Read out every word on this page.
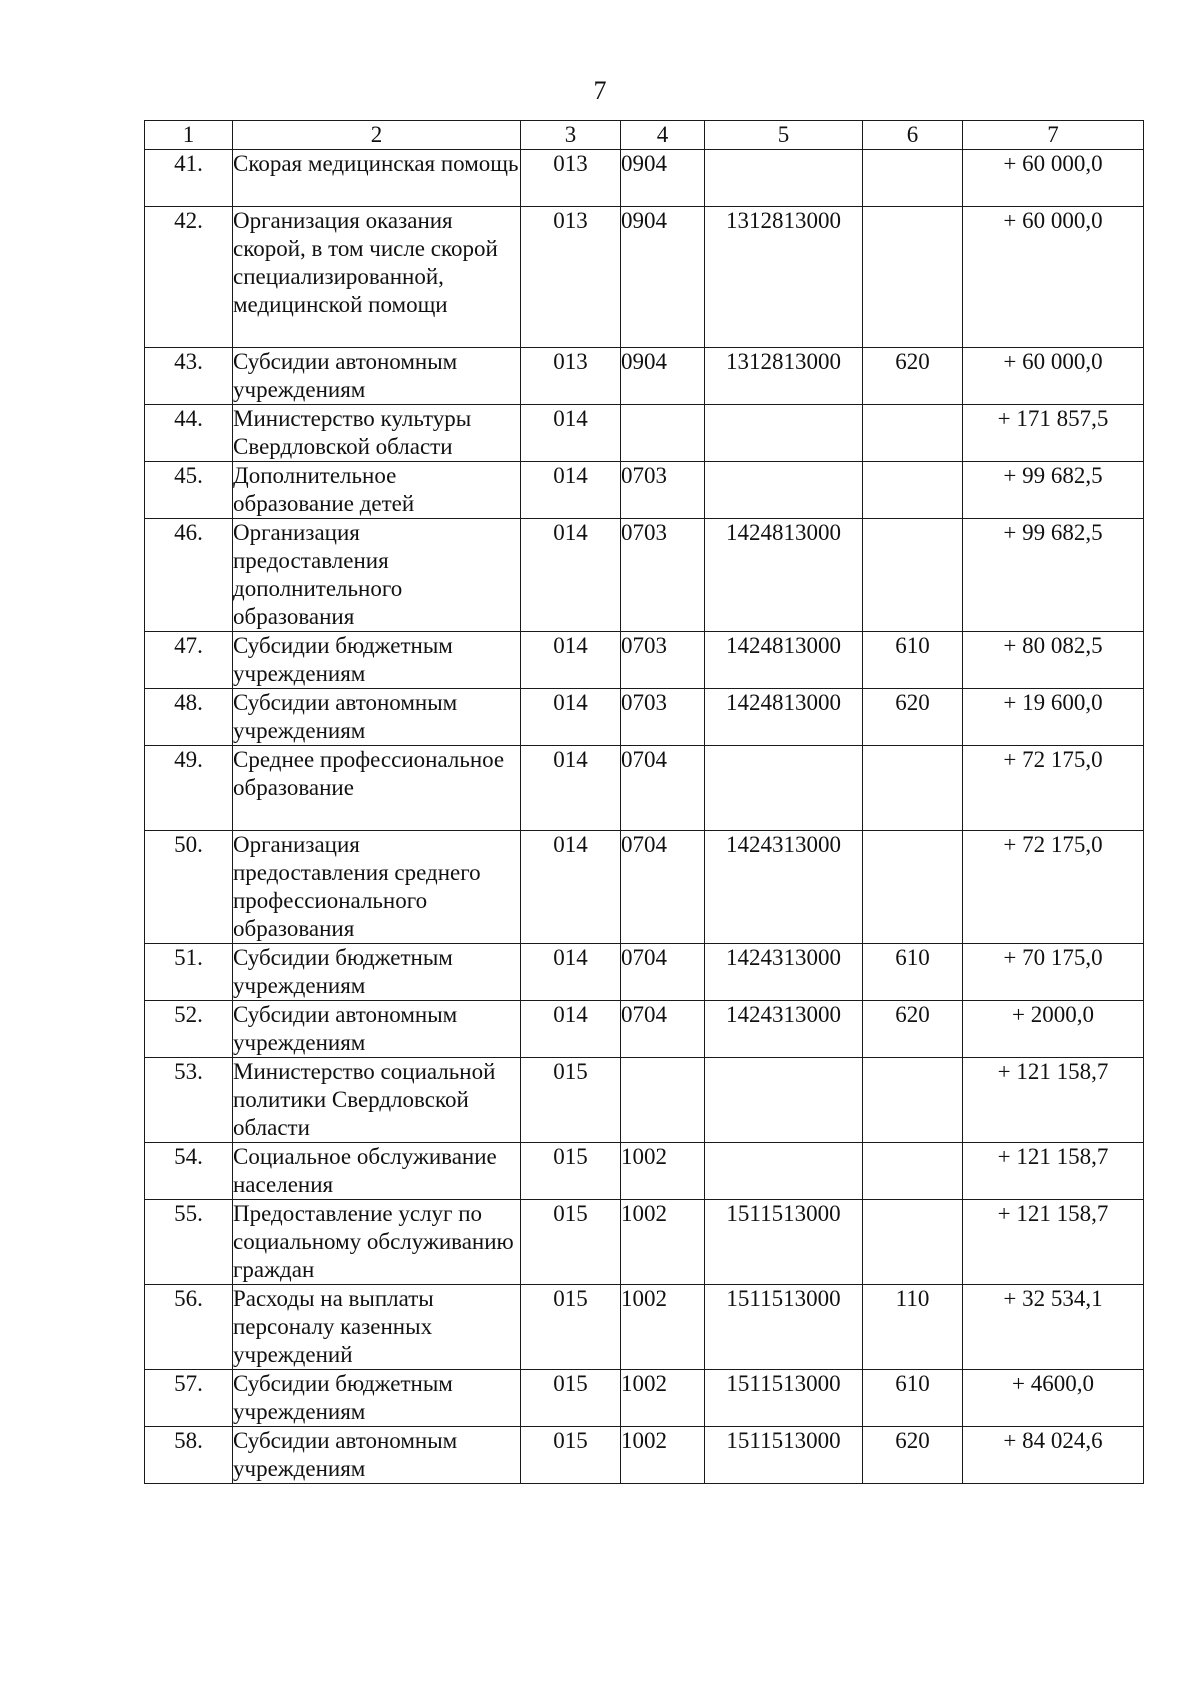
7
1	2	3	4	5	6	7
41.	Скорая медицинская помощь	013	0904			+ 60 000,0
42.	Организация оказания скорой, в том числе скорой специализированной, медицинской помощи	013	0904	1312813000		+ 60 000,0
43.	Субсидии автономным учреждениям	013	0904	1312813000	620	+ 60 000,0
44.	Министерство культуры Свердловской области	014				+ 171 857,5
45.	Дополнительное образование детей	014	0703			+ 99 682,5
46.	Организация предоставления дополнительного образования	014	0703	1424813000		+ 99 682,5
47.	Субсидии бюджетным учреждениям	014	0703	1424813000	610	+ 80 082,5
48.	Субсидии автономным учреждениям	014	0703	1424813000	620	+ 19 600,0
49.	Среднее профессиональное образование	014	0704			+ 72 175,0
50.	Организация предоставления среднего профессионального образования	014	0704	1424313000		+ 72 175,0
51.	Субсидии бюджетным учреждениям	014	0704	1424313000	610	+ 70 175,0
52.	Субсидии автономным учреждениям	014	0704	1424313000	620	+ 2000,0
53.	Министерство социальной политики Свердловской области	015				+ 121 158,7
54.	Социальное обслуживание населения	015	1002			+ 121 158,7
55.	Предоставление услуг по социальному обслуживанию граждан	015	1002	1511513000		+ 121 158,7
56.	Расходы на выплаты персоналу казенных учреждений	015	1002	1511513000	110	+ 32 534,1
57.	Субсидии бюджетным учреждениям	015	1002	1511513000	610	+ 4600,0
58.	Субсидии автономным учреждениям	015	1002	1511513000	620	+ 84 024,6
